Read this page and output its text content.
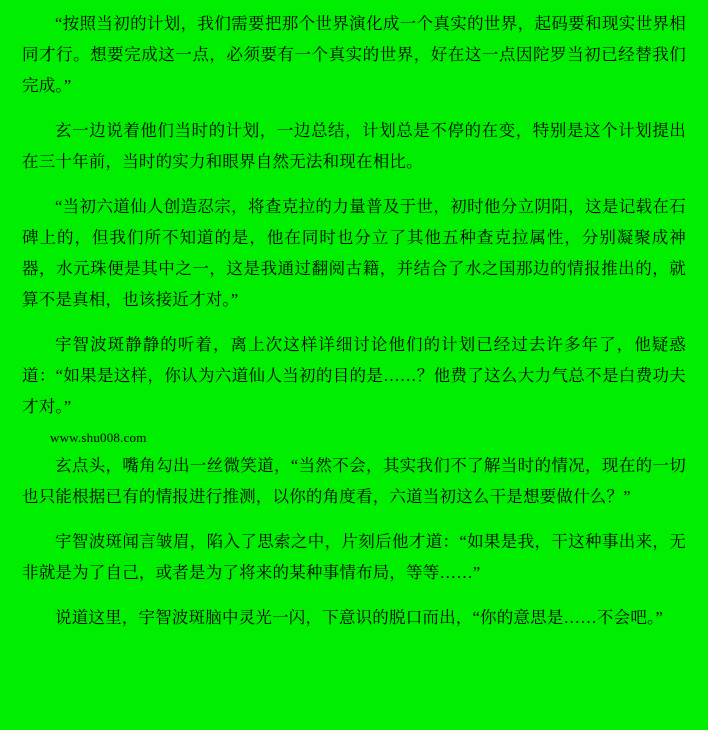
“按照当初的计划，我们需要把那个世界演化成一个真实的世界，起码要和现实世界相同才行。想要完成这一点，必须要有一个真实的世界，好在这一点因陀罗当初已经替我们完成。”

玄一边说着他们当时的计划，一边总结，计划总是不停的在变，特别是这个计划提出在三十年前，当时的实力和眼界自然无法和现在相比。

“当初六道仙人创造忍宗，将查克拉的力量普及于世，初时他分立阴阳，这是记载在石碑上的，但我们所不知道的是，他在同时也分立了其他五种查克拉属性，分别凝聚成神器，水元珠便是其中之一，这是我通过翻阅古籍，并结合了水之国那边的情报推出的，就算不是真相，也该接近才对。”

宇智波斑静静的听着，离上次这样详细讨论他们的计划已经过去许多年了，他疑惑道：“如果是这样，你认为六道仙人当初的目的是……？他费了这么大力气总不是白费功夫才对。”

www.shu008.com

玄点头，嘴角勾出一丝微笑道，“当然不会，其实我们不了解当时的情况，现在的一切也只能根据已有的情报进行推测，以你的角度看，六道当初这么干是想要做什么？”

宇智波斑闻言皱眉，陷入了思索之中，片刻后他才道：“如果是我，干这种事出来，无非就是为了自己，或者是为了将来的某种事情布局，等等……”

说道这里，宇智波斑脑中灵光一闪，下意识的脱口而出，“你的意思是……不会吧。”
